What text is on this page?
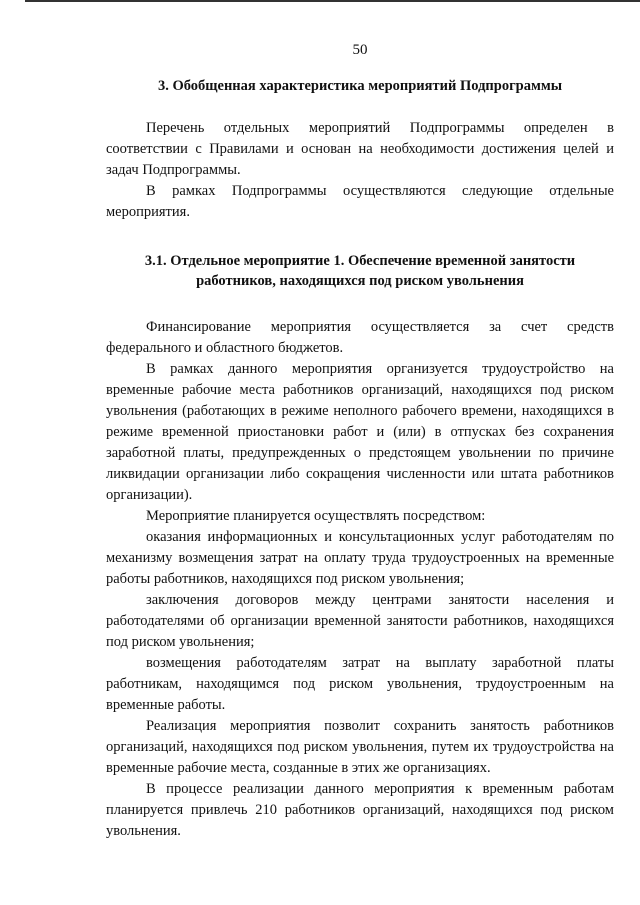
50
3. Обобщенная характеристика мероприятий Подпрограммы

Перечень отдельных мероприятий Подпрограммы определен в соответствии с Правилами и основан на необходимости достижения целей и задач Подпрограммы.

В рамках Подпрограммы осуществляются следующие отдельные мероприятия.

3.1. Отдельное мероприятие 1. Обеспечение временной занятости работников, находящихся под риском увольнения

Финансирование мероприятия осуществляется за счет средств федерального и областного бюджетов.

В рамках данного мероприятия организуется трудоустройство на временные рабочие места работников организаций, находящихся под риском увольнения (работающих в режиме неполного рабочего времени, находящихся в режиме временной приостановки работ и (или) в отпусках без сохранения заработной платы, предупрежденных о предстоящем увольнении по причине ликвидации организации либо сокращения численности или штата работников организации).

Мероприятие планируется осуществлять посредством:

оказания информационных и консультационных услуг работодателям по механизму возмещения затрат на оплату труда трудоустроенных на временные работы работников, находящихся под риском увольнения;

заключения договоров между центрами занятости населения и работодателями об организации временной занятости работников, находящихся под риском увольнения;

возмещения работодателям затрат на выплату заработной платы работникам, находящимся под риском увольнения, трудоустроенным на временные работы.

Реализация мероприятия позволит сохранить занятость работников организаций, находящихся под риском увольнения, путем их трудоустройства на временные рабочие места, созданные в этих же организациях.

В процессе реализации данного мероприятия к временным работам планируется привлечь 210 работников организаций, находящихся под риском увольнения.
